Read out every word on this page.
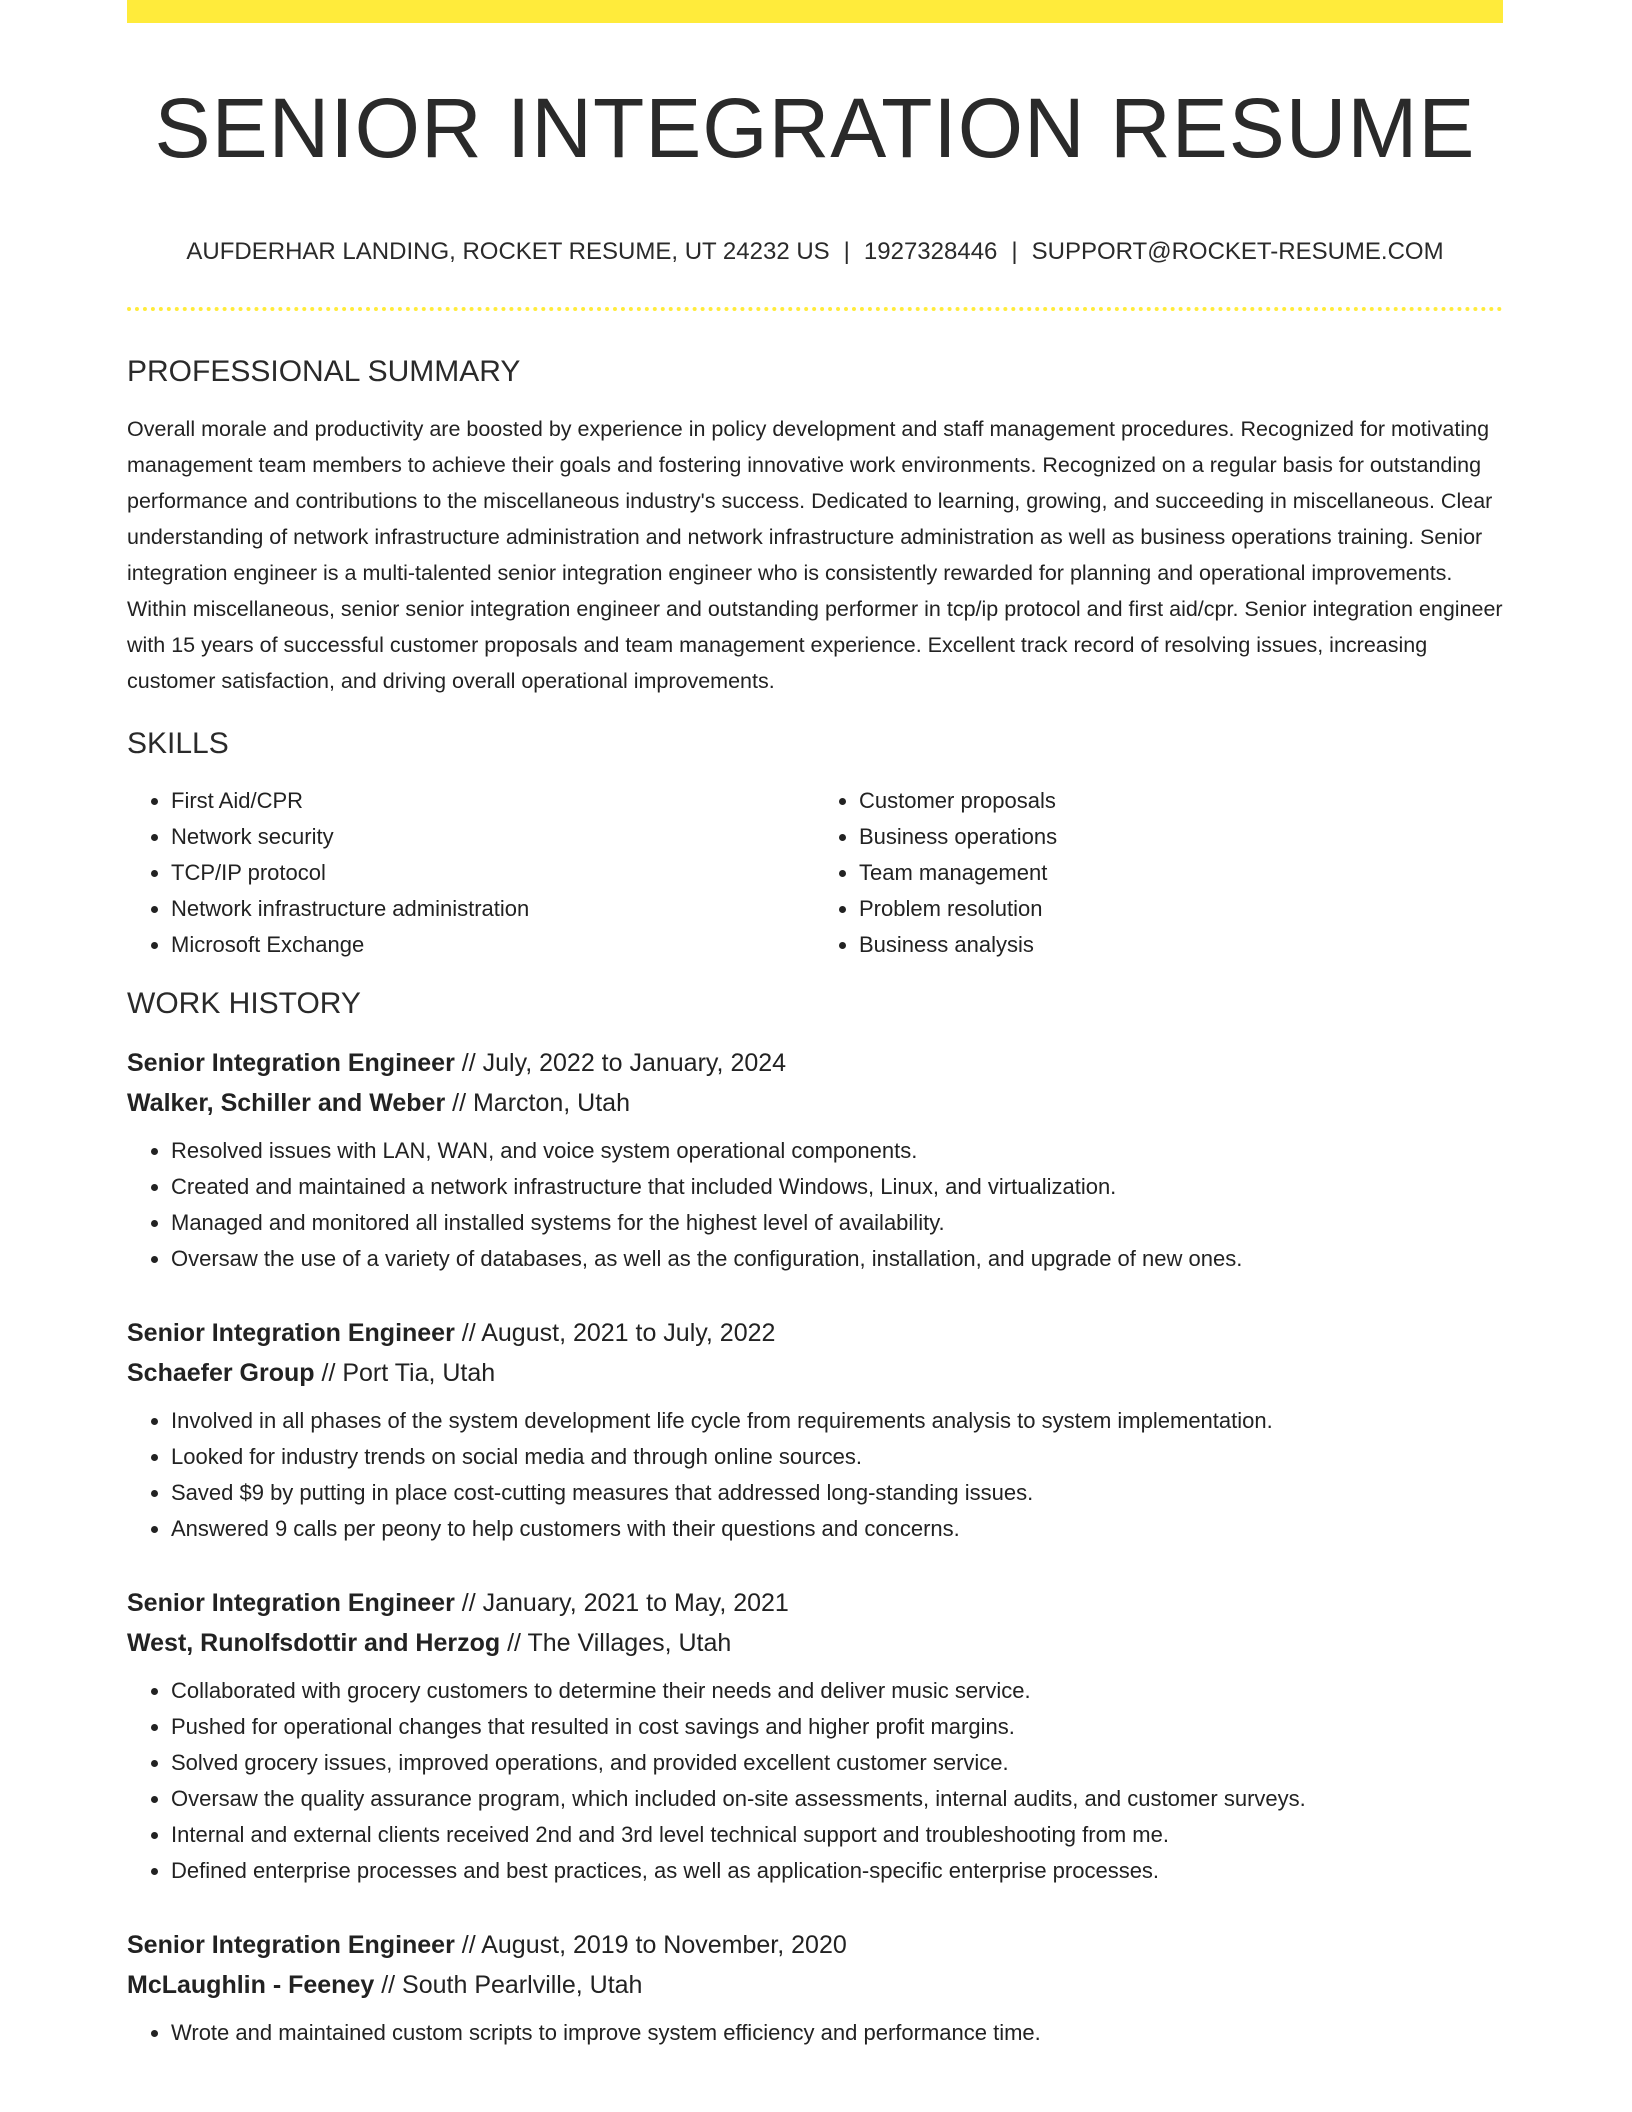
SENIOR INTEGRATION RESUME
AUFDERHAR LANDING, ROCKET RESUME, UT 24232 US | 1927328446 | SUPPORT@ROCKET-RESUME.COM
PROFESSIONAL SUMMARY

Overall morale and productivity are boosted by experience in policy development and staff management procedures. Recognized for motivating management team members to achieve their goals and fostering innovative work environments. Recognized on a regular basis for outstanding performance and contributions to the miscellaneous industry's success. Dedicated to learning, growing, and succeeding in miscellaneous. Clear understanding of network infrastructure administration and network infrastructure administration as well as business operations training. Senior integration engineer is a multi-talented senior integration engineer who is consistently rewarded for planning and operational improvements. Within miscellaneous, senior senior integration engineer and outstanding performer in tcp/ip protocol and first aid/cpr. Senior integration engineer with 15 years of successful customer proposals and team management experience. Excellent track record of resolving issues, increasing customer satisfaction, and driving overall operational improvements.

SKILLS
• First Aid/CPR
• Network security
• TCP/IP protocol
• Network infrastructure administration
• Microsoft Exchange
• Customer proposals
• Business operations
• Team management
• Problem resolution
• Business analysis
WORK HISTORY
Senior Integration Engineer // July, 2022 to January, 2024
Walker, Schiller and Weber // Marcton, Utah
• Resolved issues with LAN, WAN, and voice system operational components.
• Created and maintained a network infrastructure that included Windows, Linux, and virtualization.
• Managed and monitored all installed systems for the highest level of availability.
• Oversaw the use of a variety of databases, as well as the configuration, installation, and upgrade of new ones.
Senior Integration Engineer // August, 2021 to July, 2022
Schaefer Group // Port Tia, Utah
• Involved in all phases of the system development life cycle from requirements analysis to system implementation.
• Looked for industry trends on social media and through online sources.
• Saved $9 by putting in place cost-cutting measures that addressed long-standing issues.
• Answered 9 calls per peony to help customers with their questions and concerns.
Senior Integration Engineer // January, 2021 to May, 2021
West, Runolfsdottir and Herzog // The Villages, Utah
• Collaborated with grocery customers to determine their needs and deliver music service.
• Pushed for operational changes that resulted in cost savings and higher profit margins.
• Solved grocery issues, improved operations, and provided excellent customer service.
• Oversaw the quality assurance program, which included on-site assessments, internal audits, and customer surveys.
• Internal and external clients received 2nd and 3rd level technical support and troubleshooting from me.
• Defined enterprise processes and best practices, as well as application-specific enterprise processes.
Senior Integration Engineer // August, 2019 to November, 2020
McLaughlin - Feeney // South Pearlville, Utah
• Wrote and maintained custom scripts to improve system efficiency and performance time.
